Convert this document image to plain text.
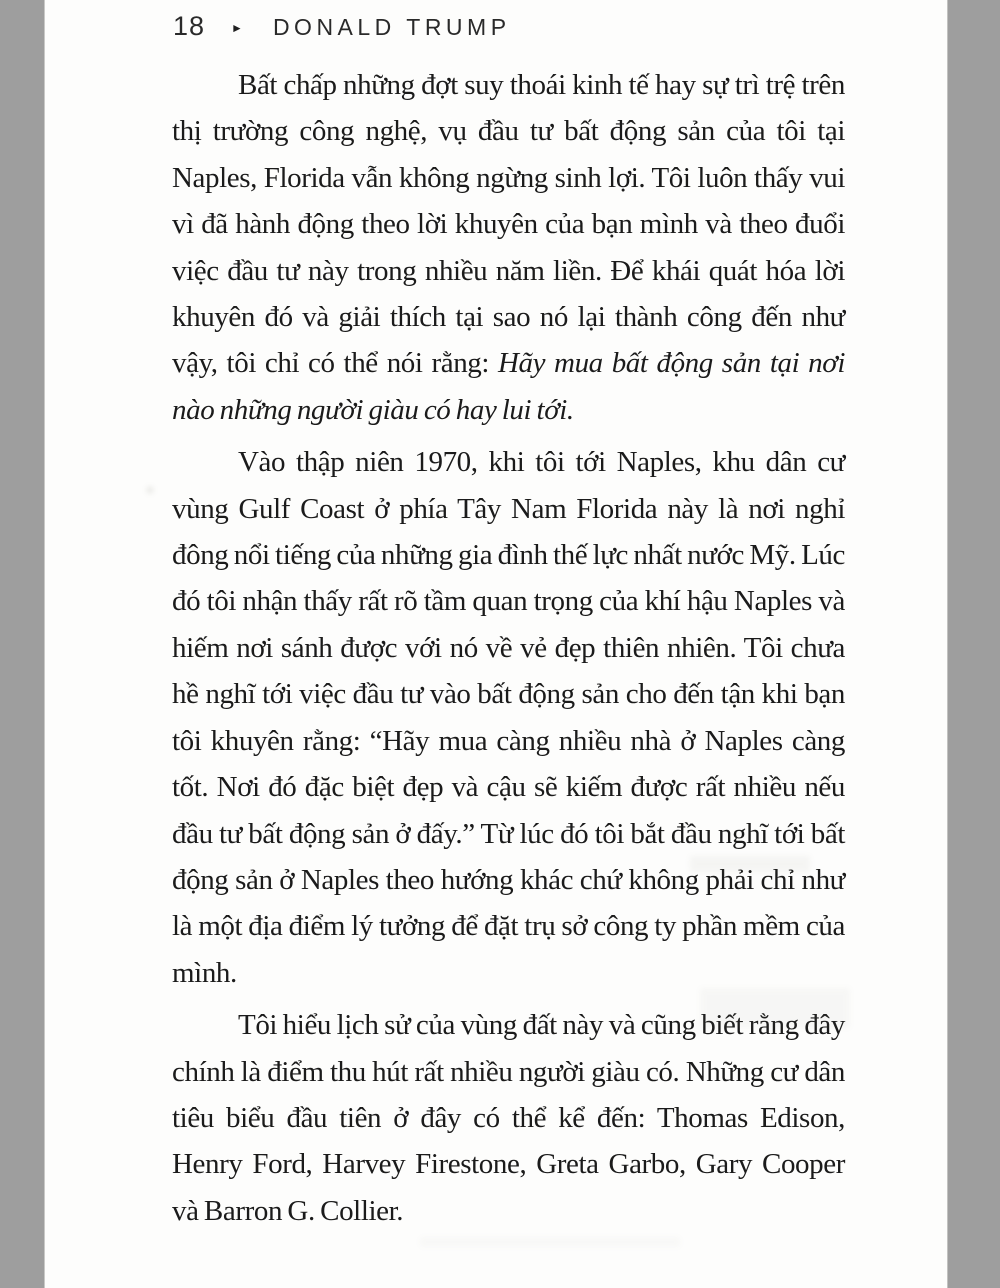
18 ► DONALD TRUMP

Bất chấp những đợt suy thoái kinh tế hay sự trì trệ trên thị trường công nghệ, vụ đầu tư bất động sản của tôi tại Naples, Florida vẫn không ngừng sinh lợi. Tôi luôn thấy vui vì đã hành động theo lời khuyên của bạn mình và theo đuổi việc đầu tư này trong nhiều năm liền. Để khái quát hóa lời khuyên đó và giải thích tại sao nó lại thành công đến như vậy, tôi chỉ có thể nói rằng: Hãy mua bất động sản tại nơi nào những người giàu có hay lui tới.

Vào thập niên 1970, khi tôi tới Naples, khu dân cư vùng Gulf Coast ở phía Tây Nam Florida này là nơi nghỉ đông nổi tiếng của những gia đình thế lực nhất nước Mỹ. Lúc đó tôi nhận thấy rất rõ tầm quan trọng của khí hậu Naples và hiếm nơi sánh được với nó về vẻ đẹp thiên nhiên. Tôi chưa hề nghĩ tới việc đầu tư vào bất động sản cho đến tận khi bạn tôi khuyên rằng: “Hãy mua càng nhiều nhà ở Naples càng tốt. Nơi đó đặc biệt đẹp và cậu sẽ kiếm được rất nhiều nếu đầu tư bất động sản ở đấy.” Từ lúc đó tôi bắt đầu nghĩ tới bất động sản ở Naples theo hướng khác chứ không phải chỉ như là một địa điểm lý tưởng để đặt trụ sở công ty phần mềm của mình.

Tôi hiểu lịch sử của vùng đất này và cũng biết rằng đây chính là điểm thu hút rất nhiều người giàu có. Những cư dân tiêu biểu đầu tiên ở đây có thể kể đến: Thomas Edison, Henry Ford, Harvey Firestone, Greta Garbo, Gary Cooper và Barron G. Collier.
